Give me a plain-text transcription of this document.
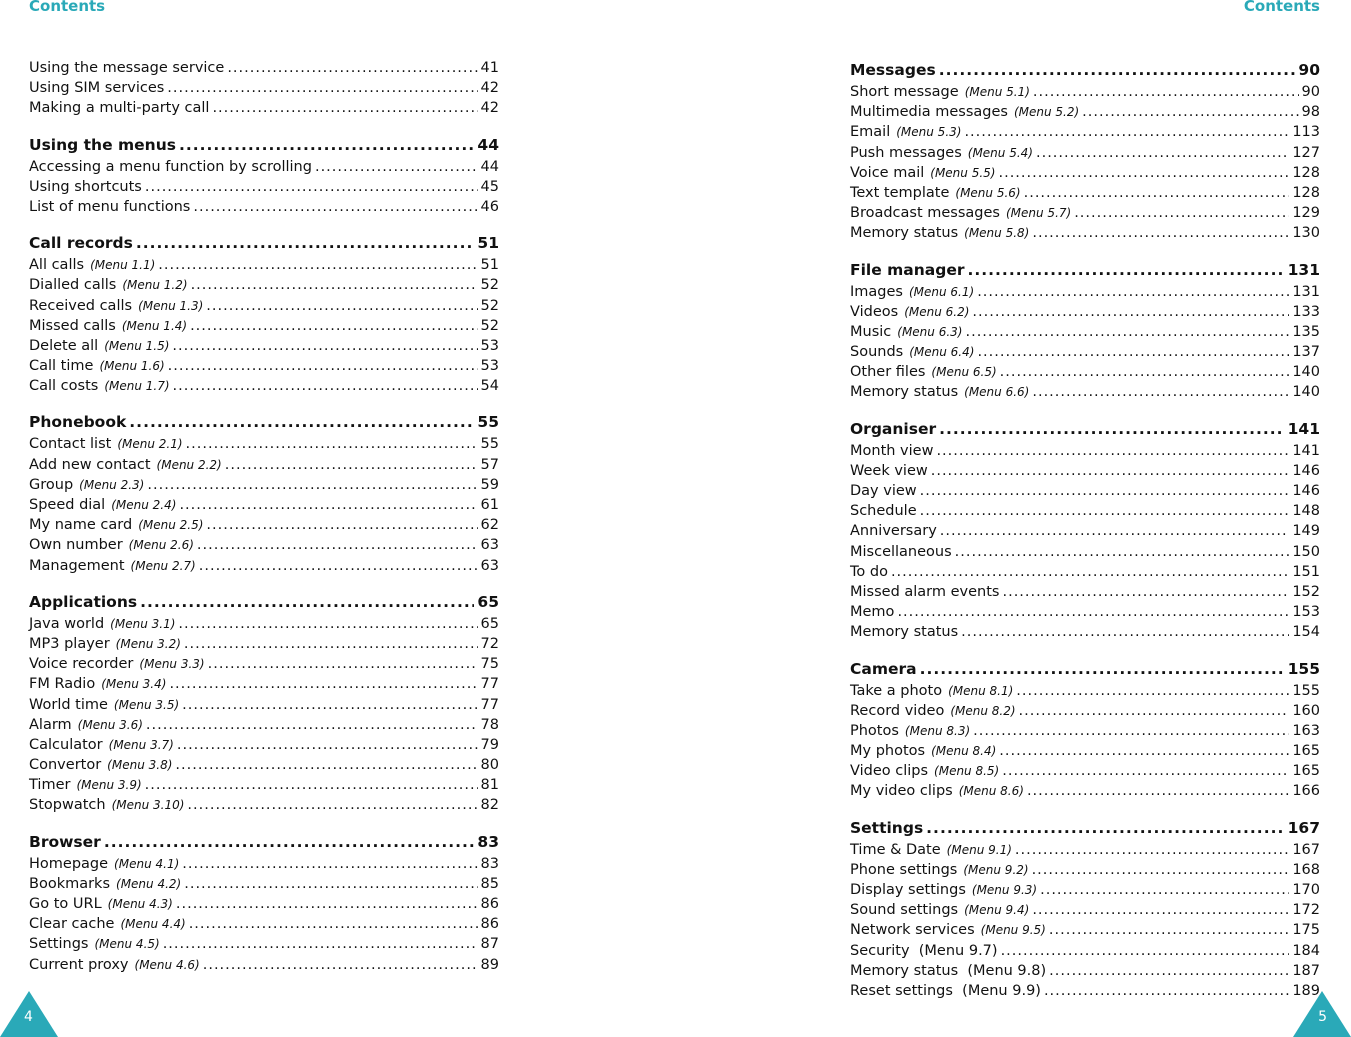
Contents	Contents
Using the message service .....	41
Using SIM services .....	42
Making a multi-party call .....	42
Using the menus .....	44
Accessing a menu function by scrolling .....	44
Using shortcuts .....	45
List of menu functions .....	46
Call records .....	51
All calls (Menu 1.1) .....	51
Dialled calls (Menu 1.2) .....	52
Received calls (Menu 1.3) .....	52
Missed calls (Menu 1.4) .....	52
Delete all (Menu 1.5) .....	53
Call time (Menu 1.6) .....	53
Call costs (Menu 1.7) .....	54
Phonebook .....	55
Contact list (Menu 2.1) .....	55
Add new contact (Menu 2.2) .....	57
Group (Menu 2.3) .....	59
Speed dial (Menu 2.4) .....	61
My name card (Menu 2.5) .....	62
Own number (Menu 2.6) .....	63
Management (Menu 2.7) .....	63
Applications .....	65
Java world (Menu 3.1) .....	65
MP3 player (Menu 3.2) .....	72
Voice recorder (Menu 3.3) .....	75
FM Radio (Menu 3.4) .....	77
World time (Menu 3.5) .....	77
Alarm (Menu 3.6) .....	78
Calculator (Menu 3.7) .....	79
Convertor (Menu 3.8) .....	80
Timer (Menu 3.9) .....	81
Stopwatch (Menu 3.10) .....	82
Browser .....	83
Homepage (Menu 4.1) .....	83
Bookmarks (Menu 4.2) .....	85
Go to URL (Menu 4.3) .....	86
Clear cache (Menu 4.4) .....	86
Settings (Menu 4.5) .....	87
Current proxy (Menu 4.6) .....	89
Messages .....	90
Short message (Menu 5.1) .....	90
Multimedia messages (Menu 5.2) .....	98
Email (Menu 5.3) .....	113
Push messages (Menu 5.4) .....	127
Voice mail (Menu 5.5) .....	128
Text template (Menu 5.6) .....	128
Broadcast messages (Menu 5.7) .....	129
Memory status (Menu 5.8) .....	130
File manager .....	131
Images (Menu 6.1) .....	131
Videos (Menu 6.2) .....	133
Music (Menu 6.3) .....	135
Sounds (Menu 6.4) .....	137
Other files (Menu 6.5) .....	140
Memory status (Menu 6.6) .....	140
Organiser .....	141
Month view .....	141
Week view .....	146
Day view .....	146
Schedule .....	148
Anniversary .....	149
Miscellaneous .....	150
To do .....	151
Missed alarm events .....	152
Memo .....	153
Memory status .....	154
Camera .....	155
Take a photo (Menu 8.1) .....	155
Record video (Menu 8.2) .....	160
Photos (Menu 8.3) .....	163
My photos (Menu 8.4) .....	165
Video clips (Menu 8.5) .....	165
My video clips (Menu 8.6) .....	166
Settings .....	167
Time & Date (Menu 9.1) .....	167
Phone settings (Menu 9.2) .....	168
Display settings (Menu 9.3) .....	170
Sound settings (Menu 9.4) .....	172
Network services (Menu 9.5) .....	175
Security  (Menu 9.7) .....	184
Memory status  (Menu 9.8) .....	187
Reset settings  (Menu 9.9) .....	189
4	5
